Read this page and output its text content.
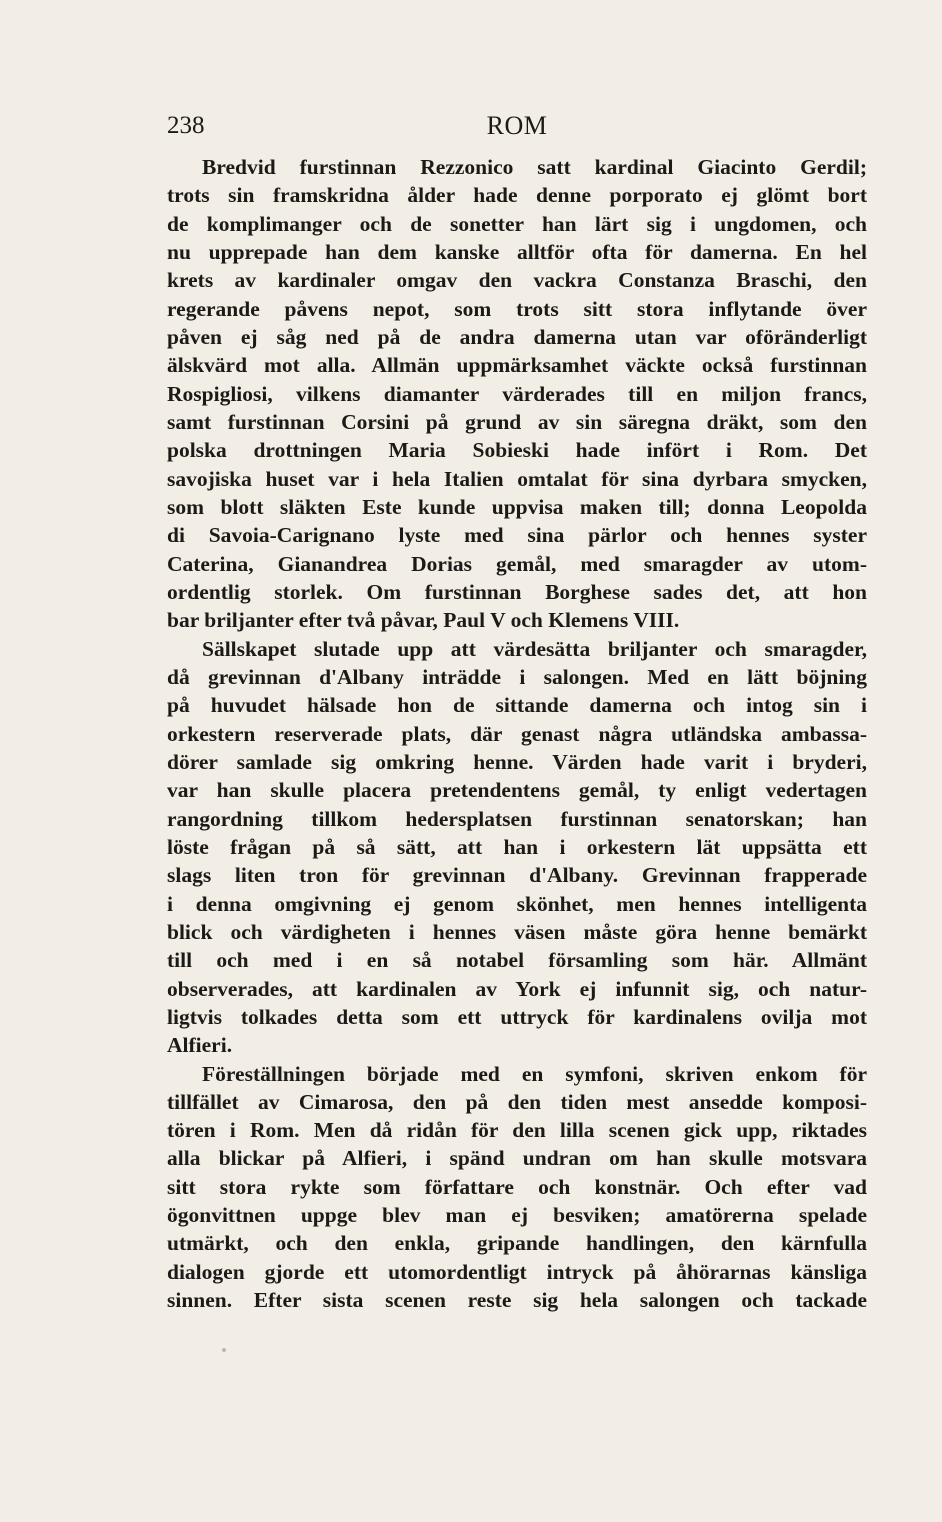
238	ROM
Bredvid furstinnan Rezzonico satt kardinal Giacinto Gerdil;
trots sin framskridna ålder hade denne porporato ej glömt bort
de komplimanger och de sonetter han lärt sig i ungdomen, och
nu upprepade han dem kanske alltför ofta för damerna. En hel
krets av kardinaler omgav den vackra Constanza Braschi, den
regerande påvens nepot, som trots sitt stora inflytande över
påven ej såg ned på de andra damerna utan var oföränderligt
älskvärd mot alla. Allmän uppmärksamhet väckte också furstinnan
Rospigliosi, vilkens diamanter värderades till en miljon francs,
samt furstinnan Corsini på grund av sin säregna dräkt, som den
polska drottningen Maria Sobieski hade infört i Rom. Det
savojiska huset var i hela Italien omtalat för sina dyrbara smycken,
som blott släkten Este kunde uppvisa maken till; donna Leopolda
di Savoia-Carignano lyste med sina pärlor och hennes syster
Caterina, Gianandrea Dorias gemål, med smaragder av utom-
ordentlig storlek. Om furstinnan Borghese sades det, att hon
bar briljanter efter två påvar, Paul V och Klemens VIII.
Sällskapet slutade upp att värdesätta briljanter och smaragder,
då grevinnan d'Albany inträdde i salongen. Med en lätt böjning
på huvudet hälsade hon de sittande damerna och intog sin i
orkestern reserverade plats, där genast några utländska ambassa-
dörer samlade sig omkring henne. Värden hade varit i bryderi,
var han skulle placera pretendentens gemål, ty enligt vedertagen
rangordning tillkom hedersplatsen furstinnan senatorskan; han
löste frågan på så sätt, att han i orkestern lät uppsätta ett
slags liten tron för grevinnan d'Albany. Grevinnan frapperade
i denna omgivning ej genom skönhet, men hennes intelligenta
blick och värdigheten i hennes väsen måste göra henne bemärkt
till och med i en så notabel församling som här. Allmänt
observerades, att kardinalen av York ej infunnit sig, och natur-
ligtvis tolkades detta som ett uttryck för kardinalens ovilja mot
Alfieri.
Föreställningen började med en symfoni, skriven enkom för
tillfället av Cimarosa, den på den tiden mest ansedde komposi-
tören i Rom. Men då ridån för den lilla scenen gick upp, riktades
alla blickar på Alfieri, i spänd undran om han skulle motsvara
sitt stora rykte som författare och konstnär. Och efter vad
ögonvittnen uppge blev man ej besviken; amatörerna spelade
utmärkt, och den enkla, gripande handlingen, den kärnfulla
dialogen gjorde ett utomordentligt intryck på åhörarnas känsliga
sinnen. Efter sista scenen reste sig hela salongen och tackade
